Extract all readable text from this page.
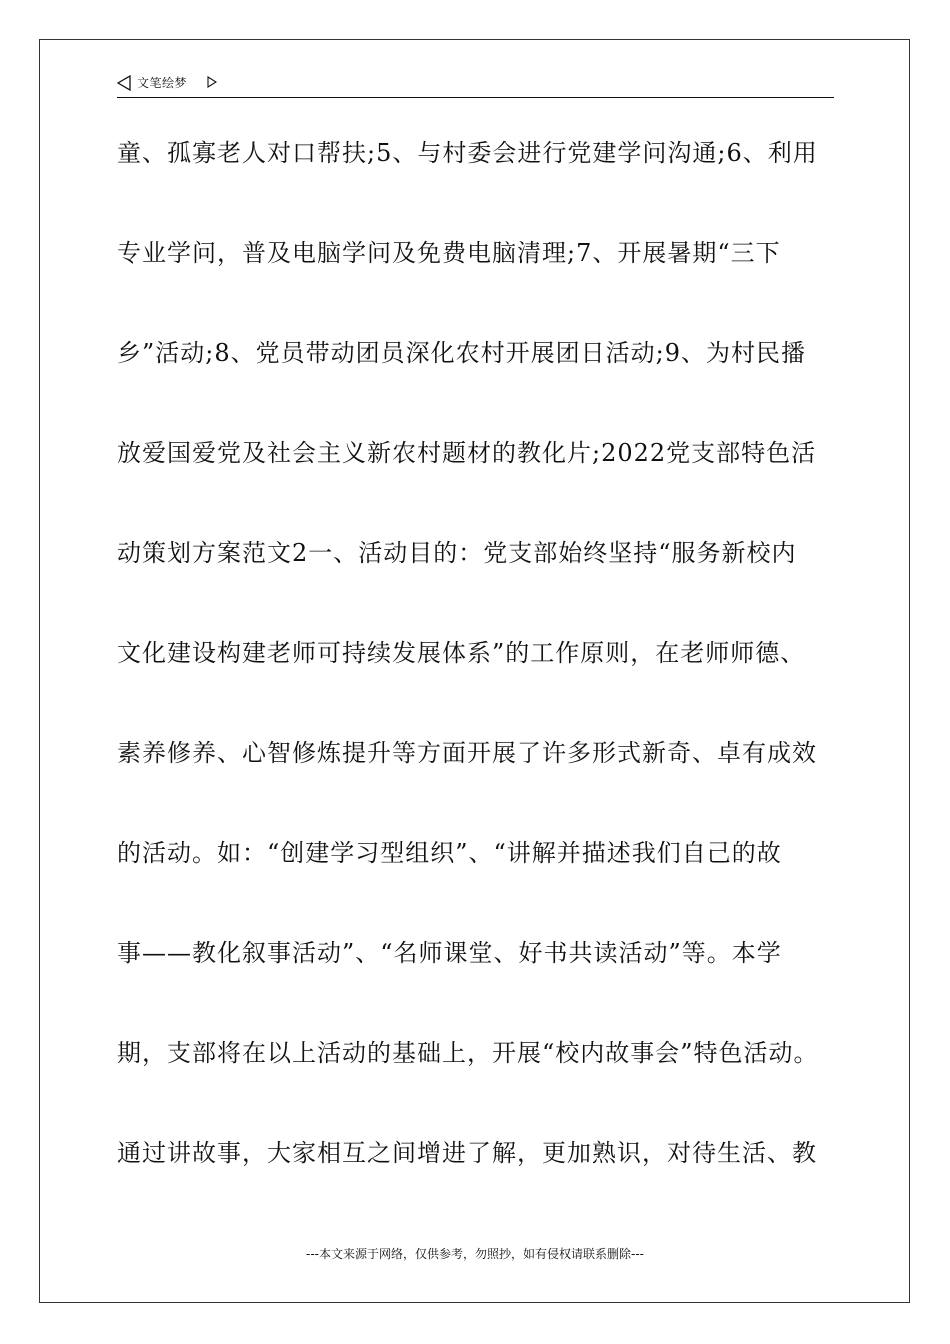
文笔绘梦
童、孤寡老人对口帮扶;5、与村委会进行党建学问沟通;6、利用
专业学问，普及电脑学问及免费电脑清理;7、开展暑期“三下
乡”活动;8、党员带动团员深化农村开展团日活动;9、为村民播
放爱国爱党及社会主义新农村题材的教化片;2022党支部特色活
动策划方案范文2一、活动目的：党支部始终坚持“服务新校内
文化建设构建老师可持续发展体系”的工作原则，在老师师德、
素养修养、心智修炼提升等方面开展了许多形式新奇、卓有成效
的活动。如：“创建学习型组织”、“讲解并描述我们自己的故
事——教化叙事活动”、“名师课堂、好书共读活动”等。本学
期，支部将在以上活动的基础上，开展“校内故事会”特色活动。
通过讲故事，大家相互之间增进了解，更加熟识，对待生活、教
---本文来源于网络，仅供参考，勿照抄，如有侵权请联系删除---
